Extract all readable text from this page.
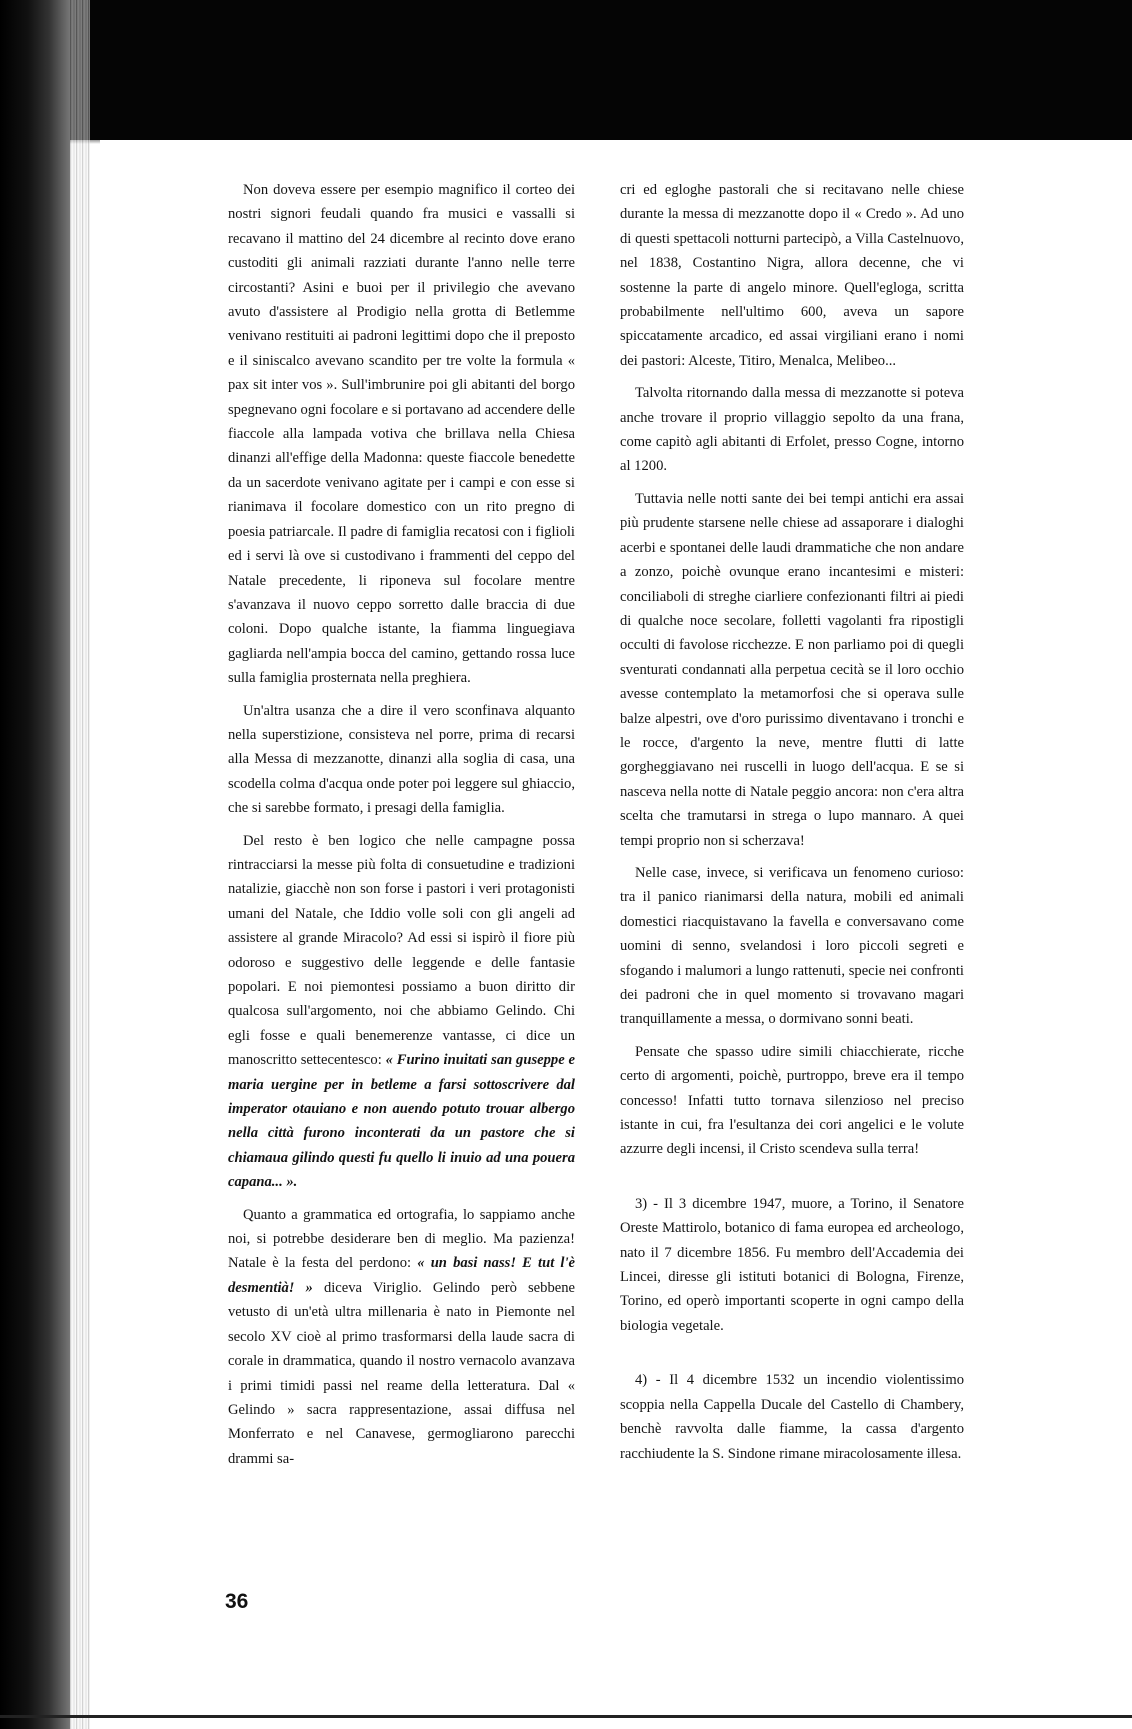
Non doveva essere per esempio magnifico il corteo dei nostri signori feudali quando fra musici e vassalli si recavano il mattino del 24 dicembre al recinto dove erano custoditi gli animali razziati durante l'anno nelle terre circostanti? Asini e buoi per il privilegio che avevano avuto d'assistere al Prodigio nella grotta di Betlemme venivano restituiti ai padroni legittimi dopo che il preposto e il siniscalco avevano scandito per tre volte la formula « pax sit inter vos ». Sull'imbrunire poi gli abitanti del borgo spegnevano ogni focolare e si portavano ad accendere delle fiaccole alla lampada votiva che brillava nella Chiesa dinanzi all'effige della Madonna: queste fiaccole benedette da un sacerdote venivano agitate per i campi e con esse si rianimava il focolare domestico con un rito pregno di poesia patriarcale. Il padre di famiglia recatosi con i figlioli ed i servi là ove si custodivano i frammenti del ceppo del Natale precedente, li riponeva sul focolare mentre s'avanzava il nuovo ceppo sorretto dalle braccia di due coloni. Dopo qualche istante, la fiamma linguegiava gagliarda nell'ampia bocca del camino, gettando rossa luce sulla famiglia prosternata nella preghiera.

Un'altra usanza che a dire il vero sconfinava alquanto nella superstizione, consisteva nel porre, prima di recarsi alla Messa di mezzanotte, dinanzi alla soglia di casa, una scodella colma d'acqua onde poter poi leggere sul ghiaccio, che si sarebbe formato, i presagi della famiglia.

Del resto è ben logico che nelle campagne possa rintracciarsi la messe più folta di consuetudine e tradizioni natalizie, giacchè non son forse i pastori i veri protagonisti umani del Natale, che Iddio volle soli con gli angeli ad assistere al grande Miracolo? Ad essi si ispirò il fiore più odoroso e suggestivo delle leggende e delle fantasie popolari. E noi piemontesi possiamo a buon diritto dir qualcosa sull'argomento, noi che abbiamo Gelindo. Chi egli fosse e quali benemerenze vantasse, ci dice un manoscritto settecentesco: « Furino inuitati san guseppe e maria uergine per in betleme a farsi sottoscrivere dal imperator otauiano e non auendo potuto trouar albergo nella città furono inconterati da un pastore che si chiamaua gilindo questi fu quello li inuio ad una pouera capana... ».

Quanto a grammatica ed ortografia, lo sappiamo anche noi, si potrebbe desiderare ben di meglio. Ma pazienza! Natale è la festa del perdono: « un basi nass! E tut l'è desmentià! » diceva Viriglio. Gelindo però sebbene vetusto di un'età ultra millenaria è nato in Piemonte nel secolo XV cioè al primo trasformarsi della laude sacra di corale in drammatica, quando il nostro vernacolo avanzava i primi timidi passi nel reame della letteratura. Dal « Gelindo » sacra rappresentazione, assai diffusa nel Monferrato e nel Canavese, germogliarono parecchi drammi sa-

cri ed egloghe pastorali che si recitavano nelle chiese durante la messa di mezzanotte dopo il « Credo ». Ad uno di questi spettacoli notturni partecipò, a Villa Castelnuovo, nel 1838, Costantino Nigra, allora decenne, che vi sostenne la parte di angelo minore. Quell'egloga, scritta probabilmente nell'ultimo 600, aveva un sapore spiccatamente arcadico, ed assai virgiliani erano i nomi dei pastori: Alceste, Titiro, Menalca, Melibeo...

Talvolta ritornando dalla messa di mezzanotte si poteva anche trovare il proprio villaggio sepolto da una frana, come capitò agli abitanti di Erfolet, presso Cogne, intorno al 1200.

Tuttavia nelle notti sante dei bei tempi antichi era assai più prudente starsene nelle chiese ad assaporare i dialoghi acerbi e spontanei delle laudi drammatiche che non andare a zonzo, poichè ovunque erano incantesimi e misteri: conciliaboli di streghe ciarliere confezionanti filtri ai piedi di qualche noce secolare, folletti vagolanti fra ripostigli occulti di favolose ricchezze. E non parliamo poi di quegli sventurati condannati alla perpetua cecità se il loro occhio avesse contemplato la metamorfosi che si operava sulle balze alpestri, ove d'oro purissimo diventavano i tronchi e le rocce, d'argento la neve, mentre flutti di latte gorgheggiavano nei ruscelli in luogo dell'acqua. E se si nasceva nella notte di Natale peggio ancora: non c'era altra scelta che tramutarsi in strega o lupo mannaro. A quei tempi proprio non si scherzava!

Nelle case, invece, si verificava un fenomeno curioso: tra il panico rianimarsi della natura, mobili ed animali domestici riacquistavano la favella e conversavano come uomini di senno, svelandosi i loro piccoli segreti e sfogando i malumori a lungo rattenuti, specie nei confronti dei padroni che in quel momento si trovavano magari tranquillamente a messa, o dormivano sonni beati.

Pensate che spasso udire simili chiacchierate, ricche certo di argomenti, poichè, purtroppo, breve era il tempo concesso! Infatti tutto tornava silenzioso nel preciso istante in cui, fra l'esultanza dei cori angelici e le volute azzurre degli incensi, il Cristo scendeva sulla terra!

3) - Il 3 dicembre 1947, muore, a Torino, il Senatore Oreste Mattirolo, botanico di fama europea ed archeologo, nato il 7 dicembre 1856. Fu membro dell'Accademia dei Lincei, diresse gli istituti botanici di Bologna, Firenze, Torino, ed operò importanti scoperte in ogni campo della biologia vegetale.

4) - Il 4 dicembre 1532 un incendio violentissimo scoppia nella Cappella Ducale del Castello di Chambery, benchè ravvolta dalle fiamme, la cassa d'argento racchiudente la S. Sindone rimane miracolosamente illesa.

36
